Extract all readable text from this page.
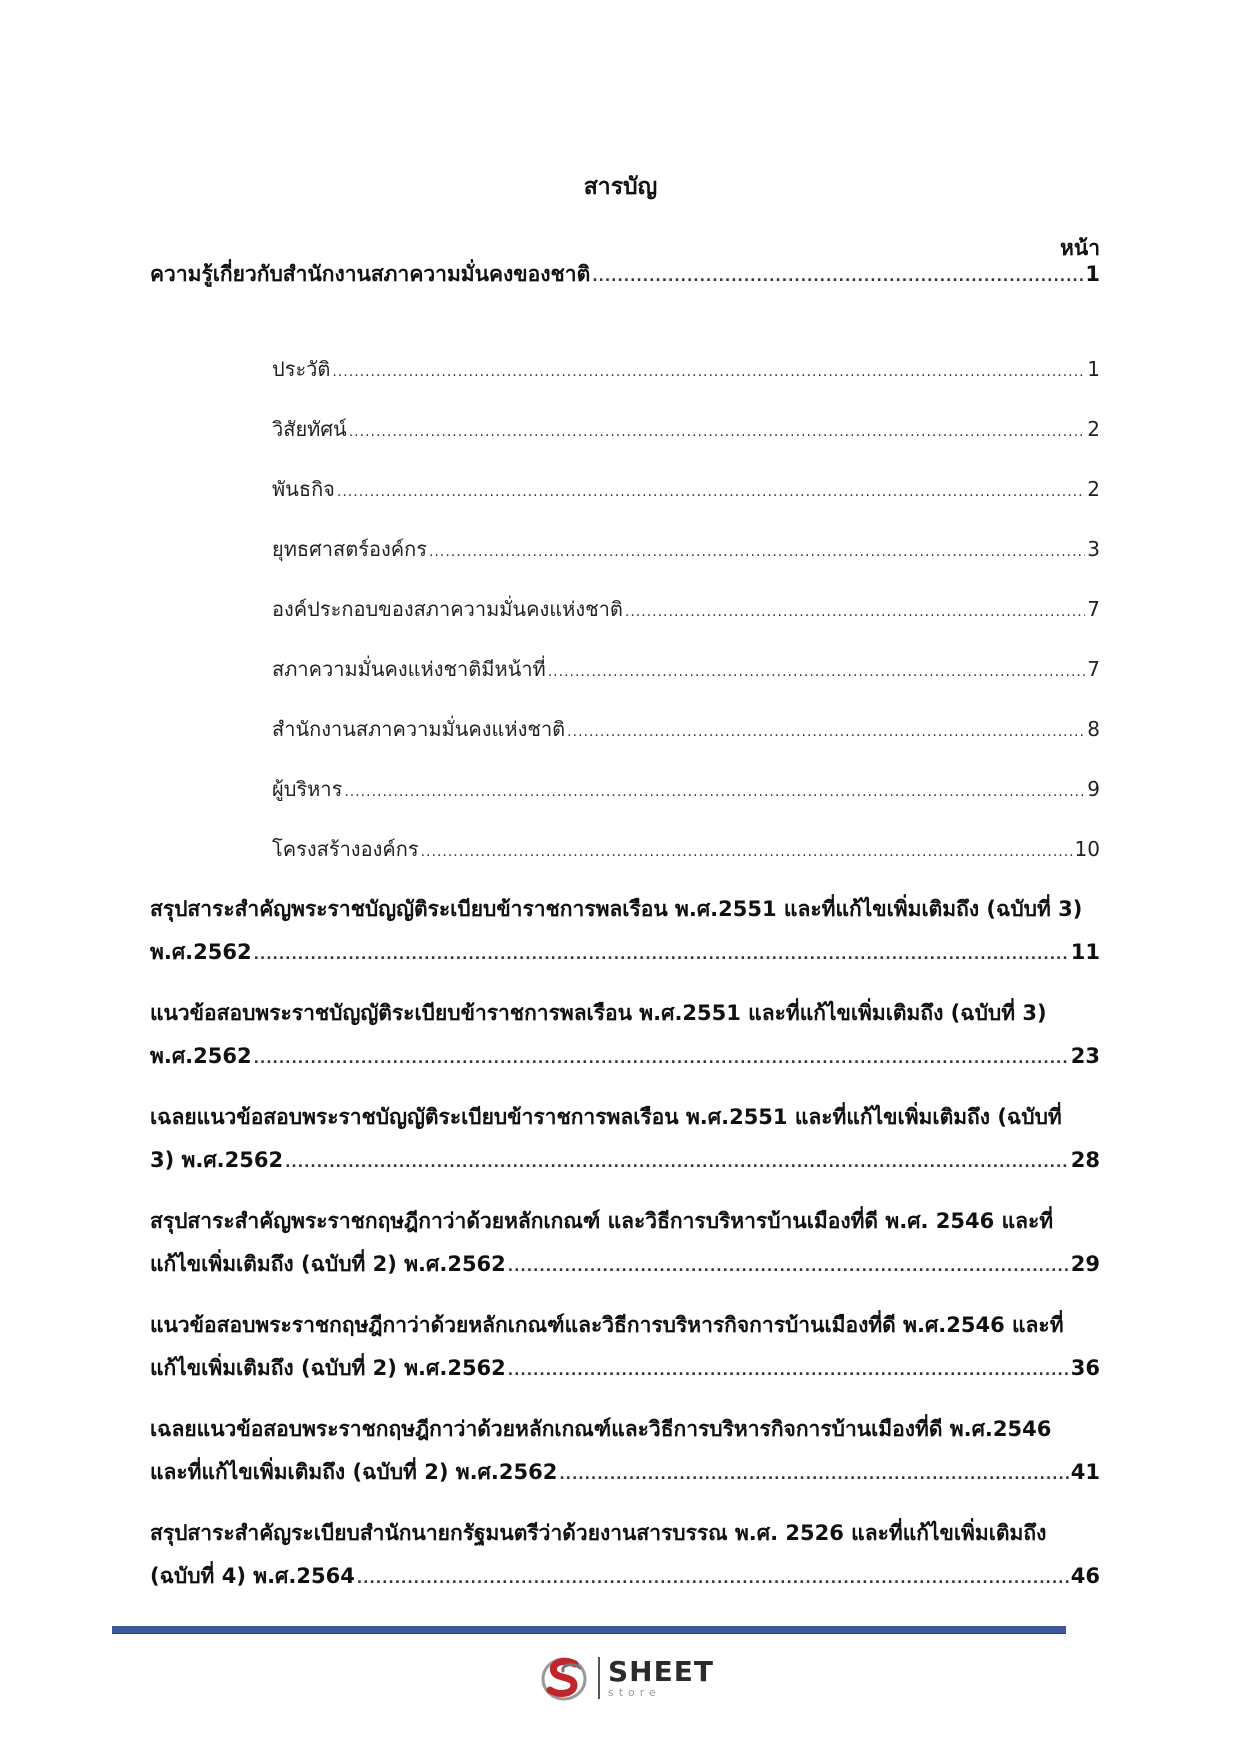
สารบัญ
หน้า
ความรู้เกี่ยวกับสำนักงานสภาความมั่นคงของชาติ .....	1
ประวัติ .....	1
วิสัยทัศน์ .....	2
พันธกิจ .....	2
ยุทธศาสตร์องค์กร .....	3
องค์ประกอบของสภาความมั่นคงแห่งชาติ .....	7
สภาความมั่นคงแห่งชาติมีหน้าที่ .....	7
สำนักงานสภาความมั่นคงแห่งชาติ .....	8
ผู้บริหาร .....	9
โครงสร้างองค์กร .....	10
สรุปสาระสำคัญพระราชบัญญัติระเบียบข้าราชการพลเรือน พ.ศ.2551 และที่แก้ไขเพิ่มเติมถึง (ฉบับที่ 3)
พ.ศ.2562 .....	11
แนวข้อสอบพระราชบัญญัติระเบียบข้าราชการพลเรือน พ.ศ.2551 และที่แก้ไขเพิ่มเติมถึง (ฉบับที่ 3)
พ.ศ.2562 .....	23
เฉลยแนวข้อสอบพระราชบัญญัติระเบียบข้าราชการพลเรือน พ.ศ.2551 และที่แก้ไขเพิ่มเติมถึง (ฉบับที่
3) พ.ศ.2562 .....	28
สรุปสาระสำคัญพระราชกฤษฎีกาว่าด้วยหลักเกณฑ์ และวิธีการบริหารบ้านเมืองที่ดี พ.ศ. 2546 และที่
แก้ไขเพิ่มเติมถึง (ฉบับที่ 2) พ.ศ.2562 .....	29
แนวข้อสอบพระราชกฤษฎีกาว่าด้วยหลักเกณฑ์และวิธีการบริหารกิจการบ้านเมืองที่ดี พ.ศ.2546 และที่
แก้ไขเพิ่มเติมถึง (ฉบับที่ 2) พ.ศ.2562 .....	36
เฉลยแนวข้อสอบพระราชกฤษฎีกาว่าด้วยหลักเกณฑ์และวิธีการบริหารกิจการบ้านเมืองที่ดี พ.ศ.2546
และที่แก้ไขเพิ่มเติมถึง (ฉบับที่ 2) พ.ศ.2562 .....	41
สรุปสาระสำคัญระเบียบสำนักนายกรัฐมนตรีว่าด้วยงานสารบรรณ พ.ศ. 2526 และที่แก้ไขเพิ่มเติมถึง
(ฉบับที่ 4) พ.ศ.2564 .....	46
SHEET
store
